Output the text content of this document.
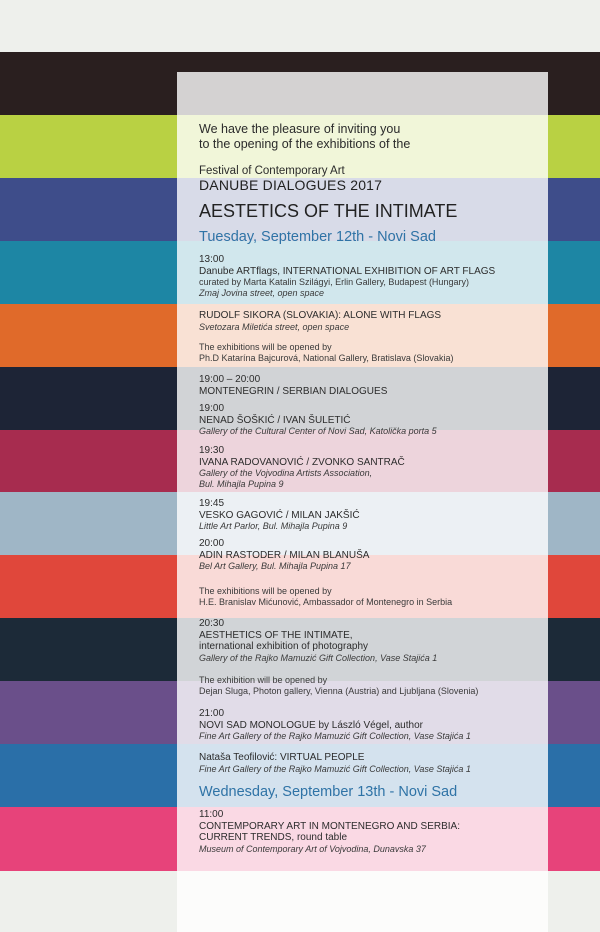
We have the pleasure of inviting you
to the opening of the exhibitions of the
Festival of Contemporary Art
DANUBE DIALOGUES 2017
AESTETICS OF THE INTIMATE
Tuesday, September 12th - Novi Sad
13:00
Danube ARTflags, INTERNATIONAL EXHIBITION OF ART FLAGS
curated by Marta Katalin Szilágyi, Erlin Gallery, Budapest (Hungary)
Zmaj Jovina street, open space
RUDOLF SIKORA (SLOVAKIA): ALONE WITH FLAGS
Svetozara Miletića street, open space
The exhibitions will be opened by
Ph.D Katarína Bajcurová, National Gallery, Bratislava (Slovakia)
19:00 – 20:00
MONTENEGRIN / SERBIAN DIALOGUES
19:00
NENAD ŠOŠKIĆ / IVAN ŠULETIĆ
Gallery of the Cultural Center of Novi Sad, Katolička porta 5
19:30
IVANA RADOVANOVIĆ / ZVONKO SANTRAČ
Gallery of the Vojvodina Artists Association,
Bul. Mihajla Pupina 9
19:45
VESKO GAGOVIĆ / MILAN JAKŠIĆ
Little Art Parlor, Bul. Mihajla Pupina 9
20:00
ADIN RASTODER / MILAN BLANUŠA
Bel Art Gallery, Bul. Mihajla Pupina 17
The exhibitions will be opened by
H.E. Branislav Mićunović, Ambassador of Montenegro in Serbia
20:30
AESTHETICS OF THE INTIMATE,
international exhibition of photography
Gallery of the Rajko Mamuzić Gift Collection, Vase Stajića 1
The exhibition will be opened by
Dejan Sluga, Photon gallery, Vienna (Austria) and Ljubljana (Slovenia)
21:00
NOVI SAD MONOLOGUE by László Végel, author
Fine Art Gallery of the Rajko Mamuzić Gift Collection, Vase Stajića 1
Nataša Teofilović: VIRTUAL PEOPLE
Fine Art Gallery of the Rajko Mamuzić Gift Collection, Vase Stajića 1
Wednesday, September 13th - Novi Sad
11:00
CONTEMPORARY ART IN MONTENEGRO AND SERBIA:
CURRENT TRENDS, round table
Museum of Contemporary Art of Vojvodina, Dunavska 37
